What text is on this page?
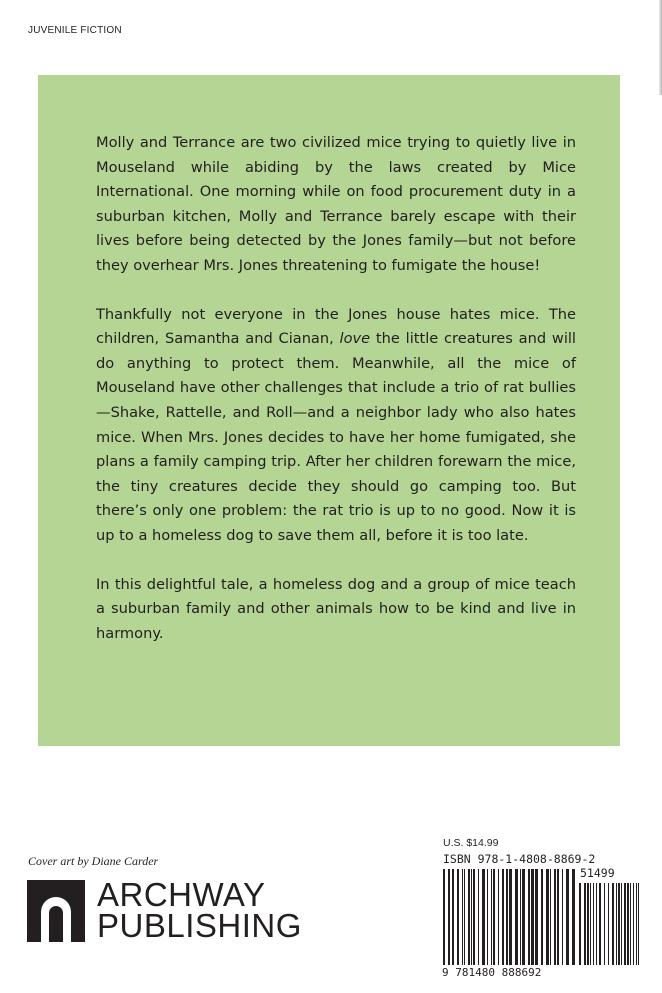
JUVENILE FICTION

Molly and Terrance are two civilized mice trying to quietly live in Mouseland while abiding by the laws created by Mice International. One morning while on food procurement duty in a suburban kitchen, Molly and Terrance barely escape with their lives before being detected by the Jones family—but not before they overhear Mrs. Jones threatening to fumigate the house!

Thankfully not everyone in the Jones house hates mice. The children, Samantha and Cianan, love the little creatures and will do anything to protect them. Meanwhile, all the mice of Mouseland have other challenges that include a trio of rat bullies—Shake, Rattelle, and Roll—and a neighbor lady who also hates mice. When Mrs. Jones decides to have her home fumigated, she plans a family camping trip. After her children forewarn the mice, the tiny creatures decide they should go camping too. But there’s only one problem: the rat trio is up to no good. Now it is up to a homeless dog to save them all, before it is too late.

In this delightful tale, a homeless dog and a group of mice teach a suburban family and other animals how to be kind and live in harmony.

Cover art by Diane Carder
ARCHWAY
PUBLISHING
U.S. $14.99
ISBN 978-1-4808-8869-2
51499
9 781480 888692
